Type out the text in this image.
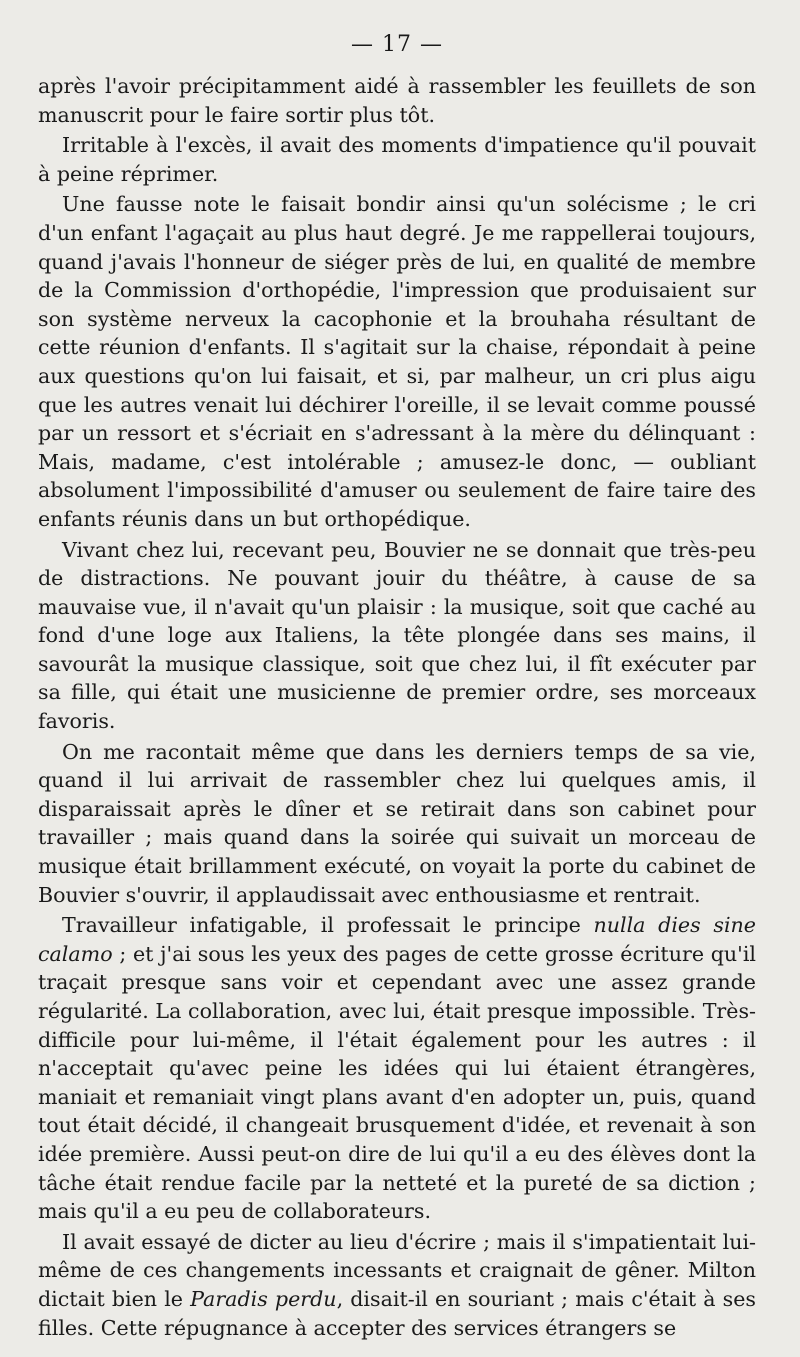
— 17 —

après l'avoir précipitamment aidé à rassembler les feuillets de son manuscrit pour le faire sortir plus tôt.

Irritable à l'excès, il avait des moments d'impatience qu'il pouvait à peine réprimer.

Une fausse note le faisait bondir ainsi qu'un solécisme ; le cri d'un enfant l'agaçait au plus haut degré. Je me rappellerai toujours, quand j'avais l'honneur de siéger près de lui, en qualité de membre de la Commission d'orthopédie, l'impression que produisaient sur son système nerveux la cacophonie et la brouhaha résultant de cette réunion d'enfants. Il s'agitait sur la chaise, répondait à peine aux questions qu'on lui faisait, et si, par malheur, un cri plus aigu que les autres venait lui déchirer l'oreille, il se levait comme poussé par un ressort et s'écriait en s'adressant à la mère du délinquant : Mais, madame, c'est intolérable ; amusez-le donc, — oubliant absolument l'impossibilité d'amuser ou seulement de faire taire des enfants réunis dans un but orthopédique.

Vivant chez lui, recevant peu, Bouvier ne se donnait que très-peu de distractions. Ne pouvant jouir du théâtre, à cause de sa mauvaise vue, il n'avait qu'un plaisir : la musique, soit que caché au fond d'une loge aux Italiens, la tête plongée dans ses mains, il savourât la musique classique, soit que chez lui, il fît exécuter par sa fille, qui était une musicienne de premier ordre, ses morceaux favoris.

On me racontait même que dans les derniers temps de sa vie, quand il lui arrivait de rassembler chez lui quelques amis, il disparaissait après le dîner et se retirait dans son cabinet pour travailler ; mais quand dans la soirée qui suivait un morceau de musique était brillamment exécuté, on voyait la porte du cabinet de Bouvier s'ouvrir, il applaudissait avec enthousiasme et rentrait.

Travailleur infatigable, il professait le principe nulla dies sine calamo ; et j'ai sous les yeux des pages de cette grosse écriture qu'il traçait presque sans voir et cependant avec une assez grande régularité. La collaboration, avec lui, était presque impossible. Très-difficile pour lui-même, il l'était également pour les autres : il n'acceptait qu'avec peine les idées qui lui étaient étrangères, maniait et remaniait vingt plans avant d'en adopter un, puis, quand tout était décidé, il changeait brusquement d'idée, et revenait à son idée première. Aussi peut-on dire de lui qu'il a eu des élèves dont la tâche était rendue facile par la netteté et la pureté de sa diction ; mais qu'il a eu peu de collaborateurs.

Il avait essayé de dicter au lieu d'écrire ; mais il s'impatientait lui-même de ces changements incessants et craignait de gêner. Milton dictait bien le Paradis perdu, disait-il en souriant ; mais c'était à ses filles. Cette répugnance à accepter des services étrangers se
